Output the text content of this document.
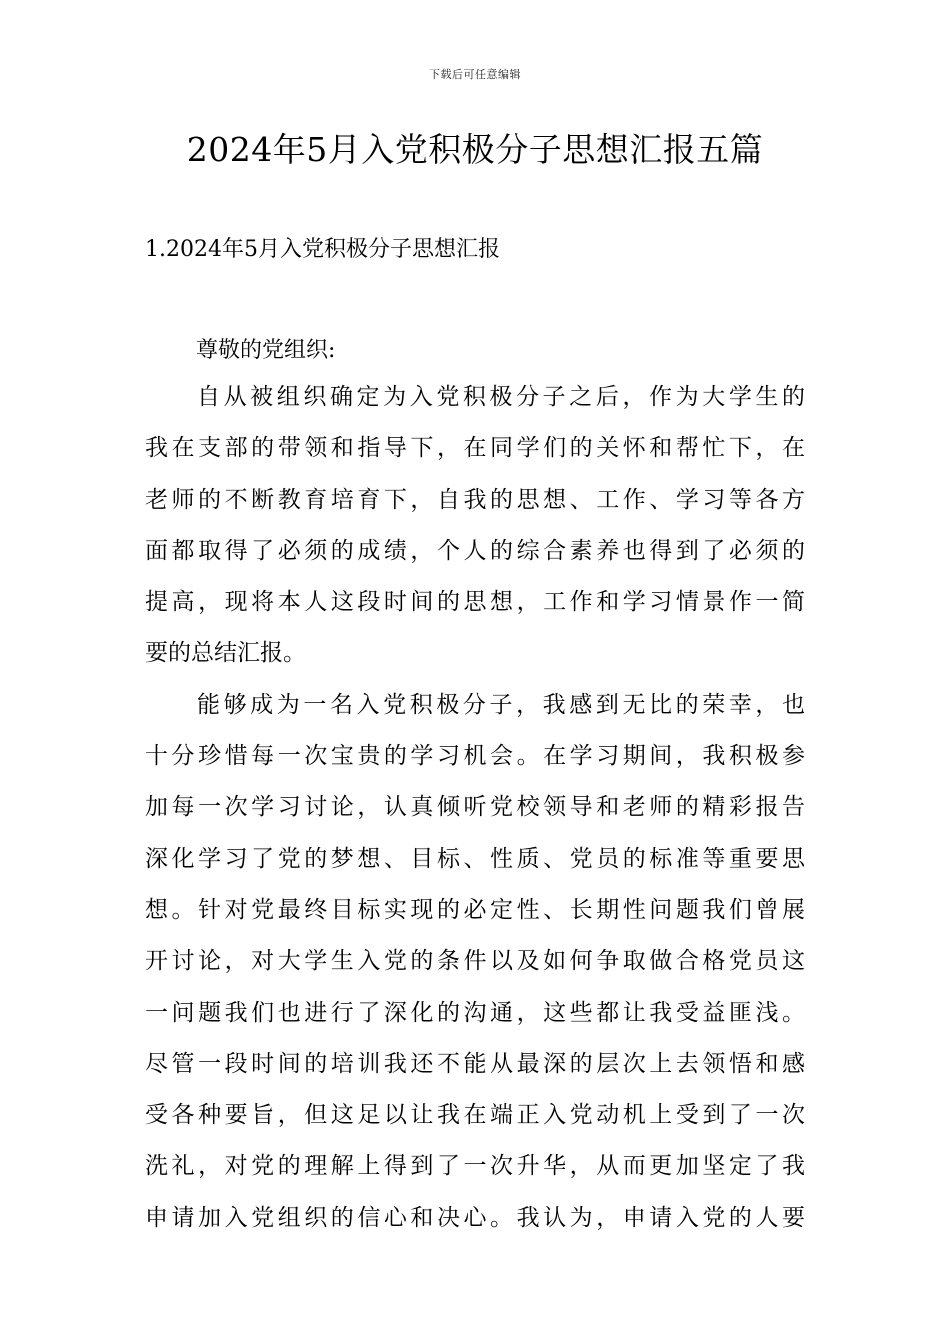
下载后可任意编辑
2024年5月入党积极分子思想汇报五篇
1.2024年5月入党积极分子思想汇报
尊敬的党组织:
自从被组织确定为入党积极分子之后，作为大学生的
我在支部的带领和指导下，在同学们的关怀和帮忙下，在
老师的不断教育培育下，自我的思想、工作、学习等各方
面都取得了必须的成绩，个人的综合素养也得到了必须的
提高，现将本人这段时间的思想，工作和学习情景作一简
要的总结汇报。
能够成为一名入党积极分子，我感到无比的荣幸，也
十分珍惜每一次宝贵的学习机会。在学习期间，我积极参
加每一次学习讨论，认真倾听党校领导和老师的精彩报告
深化学习了党的梦想、目标、性质、党员的标准等重要思
想。针对党最终目标实现的必定性、长期性问题我们曾展
开讨论，对大学生入党的条件以及如何争取做合格党员这
一问题我们也进行了深化的沟通，这些都让我受益匪浅。
尽管一段时间的培训我还不能从最深的层次上去领悟和感
受各种要旨，但这足以让我在端正入党动机上受到了一次
洗礼，对党的理解上得到了一次升华，从而更加坚定了我
申请加入党组织的信心和决心。我认为，申请入党的人要
